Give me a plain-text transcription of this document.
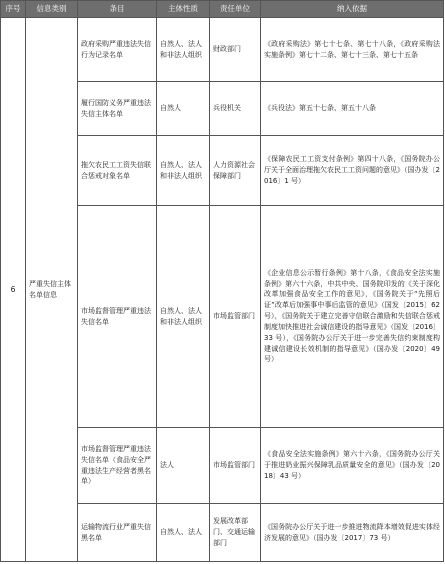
序号	信息类别	条目	主体性质	责任单位	纳入依据
6	严重失信主体名单信息	政府采购严重违法失信行为记录名单	自然人、法人和非法人组织	财政部门	《政府采购法》第七十七条、第七十八条，《政府采购法实施条例》第七十二条、第七十三条、第七十五条
		履行国防义务严重违法失信主体名单	自然人	兵役机关	《兵役法》第五十七条、第五十八条
		拖欠农民工工资失信联合惩戒对象名单	自然人、法人和非法人组织	人力资源社会保障部门	《保障农民工工资支付条例》第四十八条，《国务院办公厅关于全面治理拖欠农民工工资问题的意见》（国办发〔2016〕1 号）
		市场监督管理严重违法失信名单	自然人、法人和非法人组织	市场监管部门	《企业信息公示暂行条例》第十八条，《食品安全法实施条例》第六十六条，中共中央、国务院印发的《关于深化改革加强食品安全工作的意见》，《国务院关于“先照后证”改革后加强事中事后监管的意见》（国发〔2015〕62 号），《国务院关于建立完善守信联合激励和失信联合惩戒制度加快推进社会诚信建设的指导意见》（国发〔2016〕33 号），《国务院办公厅关于进一步完善失信约束制度构建诚信建设长效机制的指导意见》（国办发〔2020〕49 号）
		市场监督管理严重违法失信名单（食品安全严重违法生产经营者黑名单）	法人	市场监管部门	《食品安全法实施条例》第六十六条，《国务院办公厅关于推进奶业振兴保障乳品质量安全的意见》（国办发〔2018〕43 号）
		运输物流行业严重失信黑名单	自然人、法人	发展改革部门、交通运输部门	《国务院办公厅关于进一步推进物流降本增效促进实体经济发展的意见》（国办发〔2017〕73 号）
